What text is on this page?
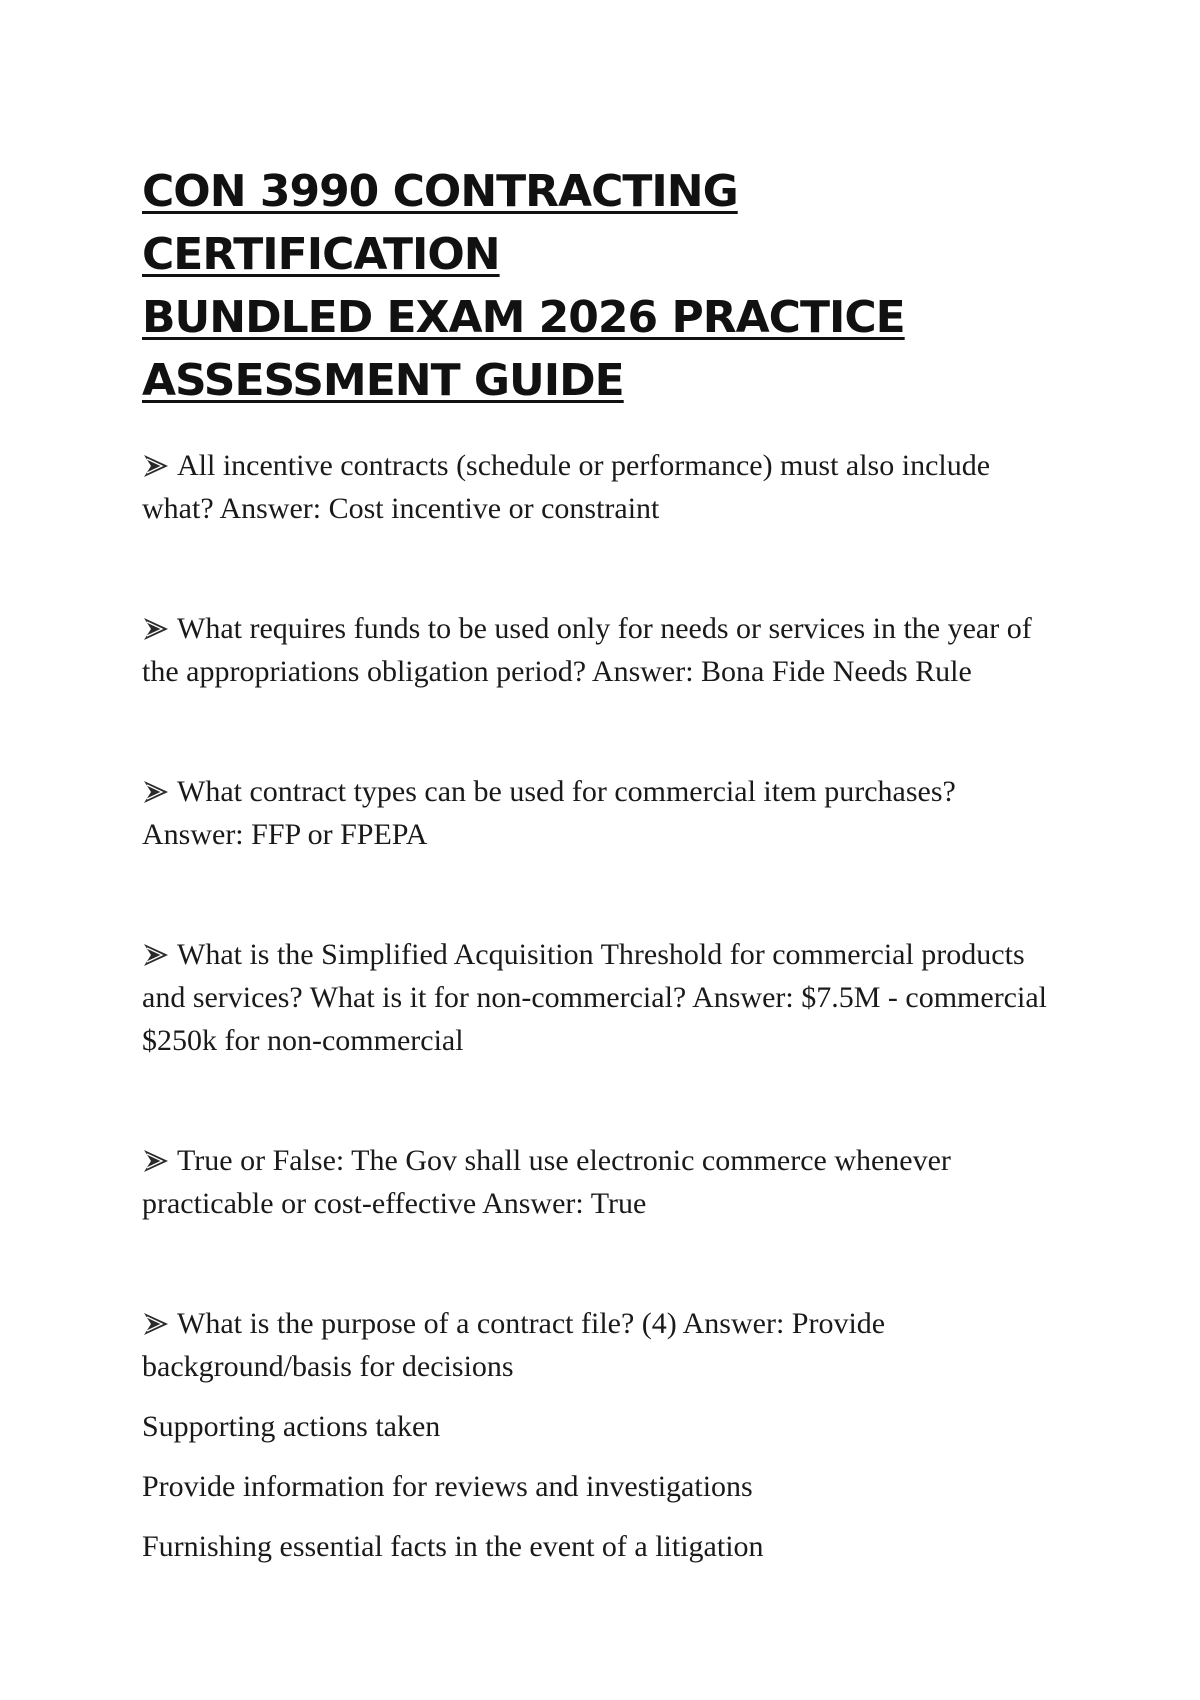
CON 3990 CONTRACTING CERTIFICATION
BUNDLED EXAM 2026 PRACTICE
ASSESSMENT GUIDE
All incentive contracts (schedule or performance) must also include what? Answer: Cost incentive or constraint
What requires funds to be used only for needs or services in the year of the appropriations obligation period? Answer: Bona Fide Needs Rule
What contract types can be used for commercial item purchases? Answer: FFP or FPEPA
What is the Simplified Acquisition Threshold for commercial products and services? What is it for non-commercial? Answer: $7.5M - commercial $250k for non-commercial
True or False: The Gov shall use electronic commerce whenever practicable or cost-effective Answer: True
What is the purpose of a contract file? (4) Answer: Provide background/basis for decisions
Supporting actions taken
Provide information for reviews and investigations
Furnishing essential facts in the event of a litigation
